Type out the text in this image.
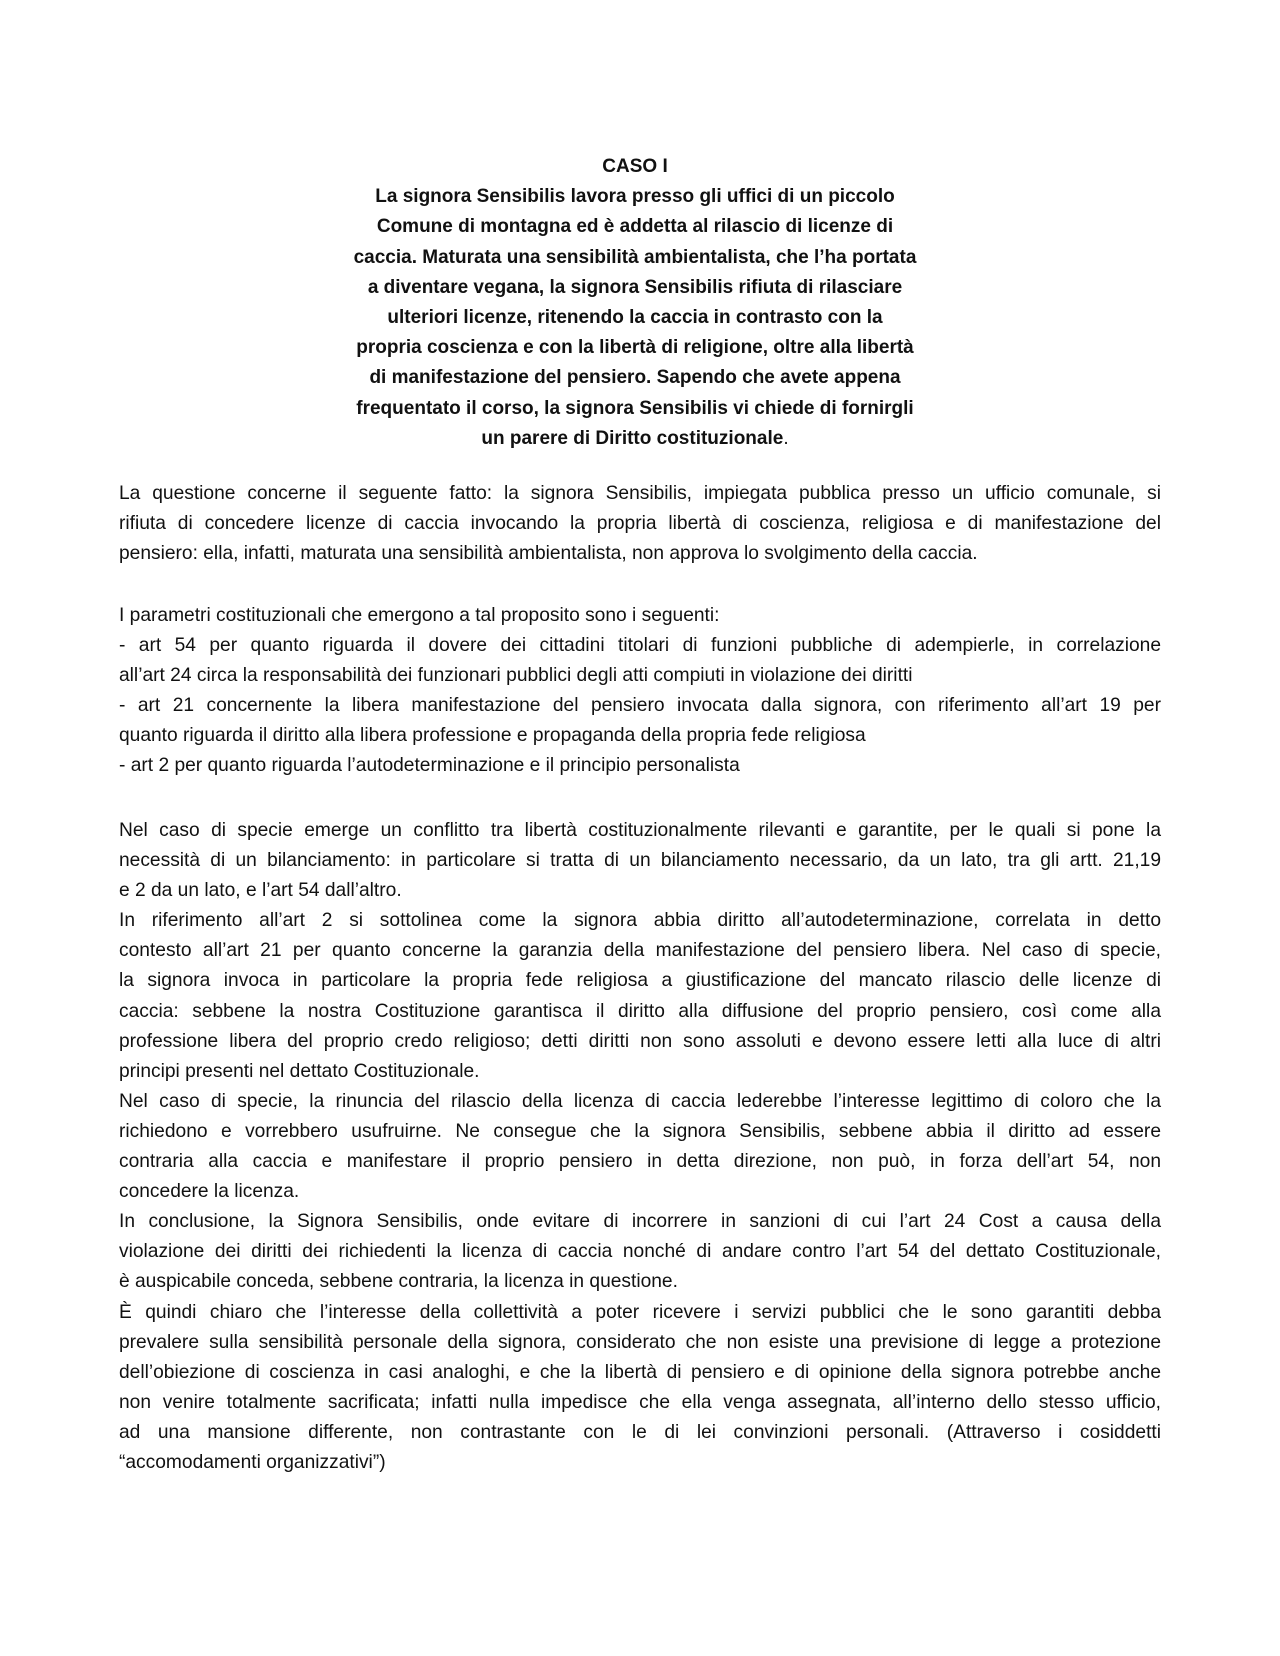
CASO I
La signora Sensibilis lavora presso gli uffici di un piccolo
Comune di montagna ed è addetta al rilascio di licenze di
caccia. Maturata una sensibilità ambientalista, che l’ha portata
a diventare vegana, la signora Sensibilis rifiuta di rilasciare
ulteriori licenze, ritenendo la caccia in contrasto con la
propria coscienza e con la libertà di religione, oltre alla libertà
di manifestazione del pensiero. Sapendo che avete appena
frequentato il corso, la signora Sensibilis vi chiede di fornirgli
un parere di Diritto costituzionale.
La questione concerne il seguente fatto: la signora Sensibilis, impiegata pubblica presso un ufficio comunale, si
rifiuta di concedere licenze di caccia invocando la propria libertà di coscienza, religiosa e di manifestazione del
pensiero: ella, infatti, maturata una sensibilità ambientalista, non approva lo svolgimento della caccia.
I parametri costituzionali che emergono a tal proposito sono i seguenti:
- art 54 per quanto riguarda il dovere dei cittadini titolari di funzioni pubbliche di adempierle, in correlazione
all’art 24 circa la responsabilità dei funzionari pubblici degli atti compiuti in violazione dei diritti
- art 21 concernente la libera manifestazione del pensiero invocata dalla signora, con riferimento all’art 19 per
quanto riguarda il diritto alla libera professione e propaganda della propria fede religiosa
- art 2 per quanto riguarda l’autodeterminazione e il principio personalista
Nel caso di specie emerge un conflitto tra libertà costituzionalmente rilevanti e garantite, per le quali si pone la
necessità di un bilanciamento: in particolare si tratta di un bilanciamento necessario, da un lato, tra gli artt. 21,19
e 2 da un lato, e l’art 54 dall’altro.
In riferimento all’art 2 si sottolinea come la signora abbia diritto all’autodeterminazione, correlata in detto
contesto all’art 21 per quanto concerne la garanzia della manifestazione del pensiero libera. Nel caso di specie,
la signora invoca in particolare la propria fede religiosa a giustificazione del mancato rilascio delle licenze di
caccia: sebbene la nostra Costituzione garantisca il diritto alla diffusione del proprio pensiero, così come alla
professione libera del proprio credo religioso; detti diritti non sono assoluti e devono essere letti alla luce di altri
principi presenti nel dettato Costituzionale.
Nel caso di specie, la rinuncia del rilascio della licenza di caccia lederebbe l’interesse legittimo di coloro che la
richiedono e vorrebbero usufruirne. Ne consegue che la signora Sensibilis, sebbene abbia il diritto ad essere
contraria alla caccia e manifestare il proprio pensiero in detta direzione, non può, in forza dell’art 54, non
concedere la licenza.
In conclusione, la Signora Sensibilis, onde evitare di incorrere in sanzioni di cui l’art 24 Cost a causa della
violazione dei diritti dei richiedenti la licenza di caccia nonché di andare contro l’art 54 del dettato Costituzionale,
è auspicabile conceda, sebbene contraria, la licenza in questione.
È quindi chiaro che l’interesse della collettività a poter ricevere i servizi pubblici che le sono garantiti debba
prevalere sulla sensibilità personale della signora, considerato che non esiste una previsione di legge a protezione
dell’obiezione di coscienza in casi analoghi, e che la libertà di pensiero e di opinione della signora potrebbe anche
non venire totalmente sacrificata; infatti nulla impedisce che ella venga assegnata, all’interno dello stesso ufficio,
ad una mansione differente, non contrastante con le di lei convinzioni personali. (Attraverso i cosiddetti
“accomodamenti organizzativi”)
